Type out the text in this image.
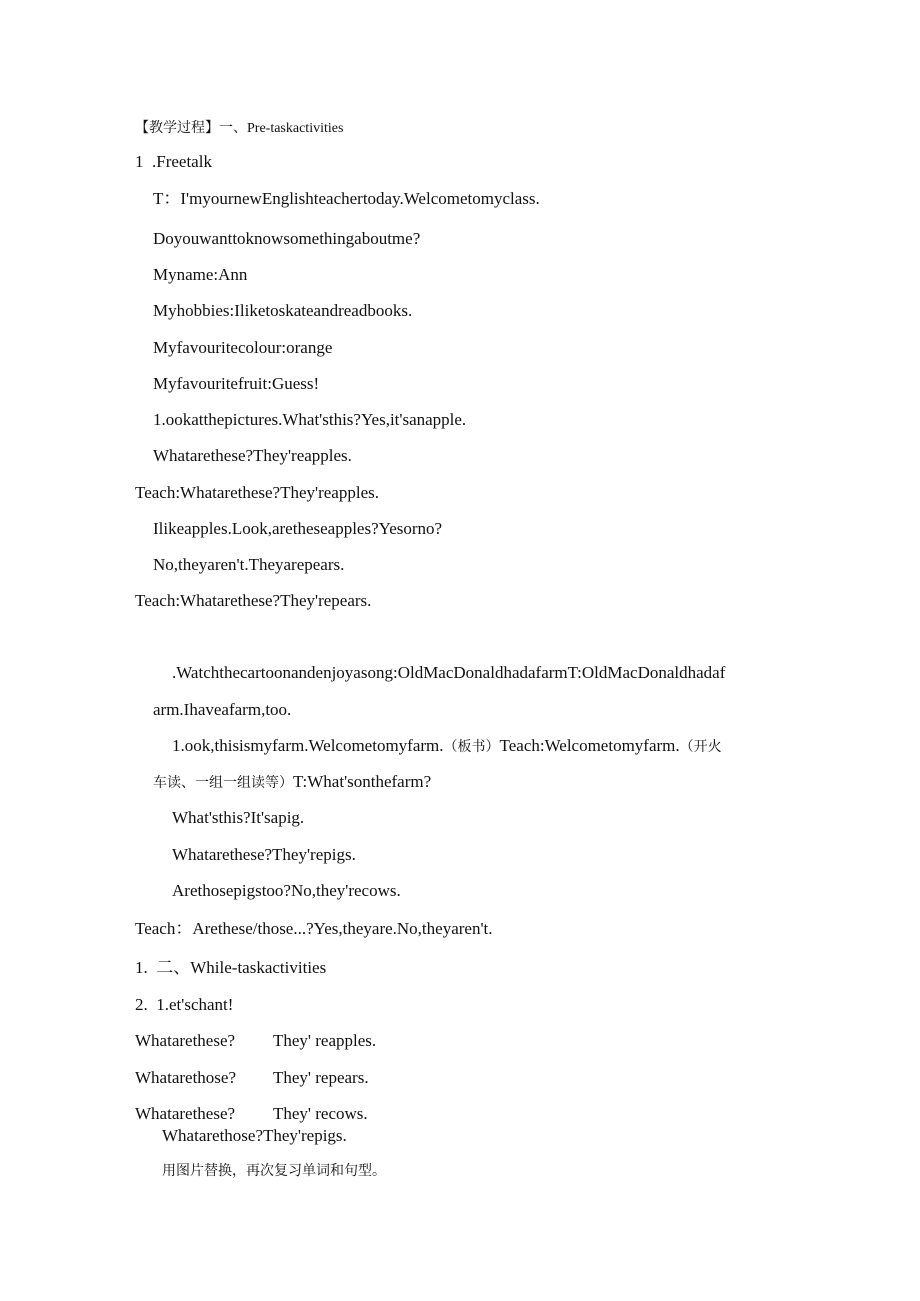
【教学过程】一、Pre-taskactivities
1 .Freetalk
T：I'myournewEnglishteachertoday.Welcometomyclass.
Doyouwanttoknowsomethingaboutme?
Myname:Ann
Myhobbies:Iliketoskateandreadbooks.
Myfavouritecolour:orange
Myfavouritefruit:Guess!
1.ookatthepictures.What'sthis?Yes,it'sanapple.
Whatarethese?They'reapples.
Teach:Whatarethese?They'reapples.
Ilikeapples.Look,aretheseapples?Yesorno?
No,theyaren't.Theyarepears.
Teach:Whatarethese?They'repears.
.Watchthecartoonandenjoyasong:OldMacDonaldhadafarmT:OldMacDonaldhadaf
arm.Ihaveafarm,too.
1.ook,thisismyfarm.Welcometomyfarm.（板书）Teach:Welcometomyfarm.（开火
车读、一组一组读等）T:What'sonthefarm?
What'sthis?It'sapig.
Whatarethese?They'repigs.
Arethosepigstoo?No,they'recows.
Teach：Arethese/those...?Yes,theyare.No,theyaren't.
1. 二、While-taskactivities
2. 1.et'schant!
Whatarethese? They' reapples.
Whatarethose? They' repears.
Whatarethese? They' recows.
Whatarethose?They'repigs.
用图片替换，再次复习单词和句型。
